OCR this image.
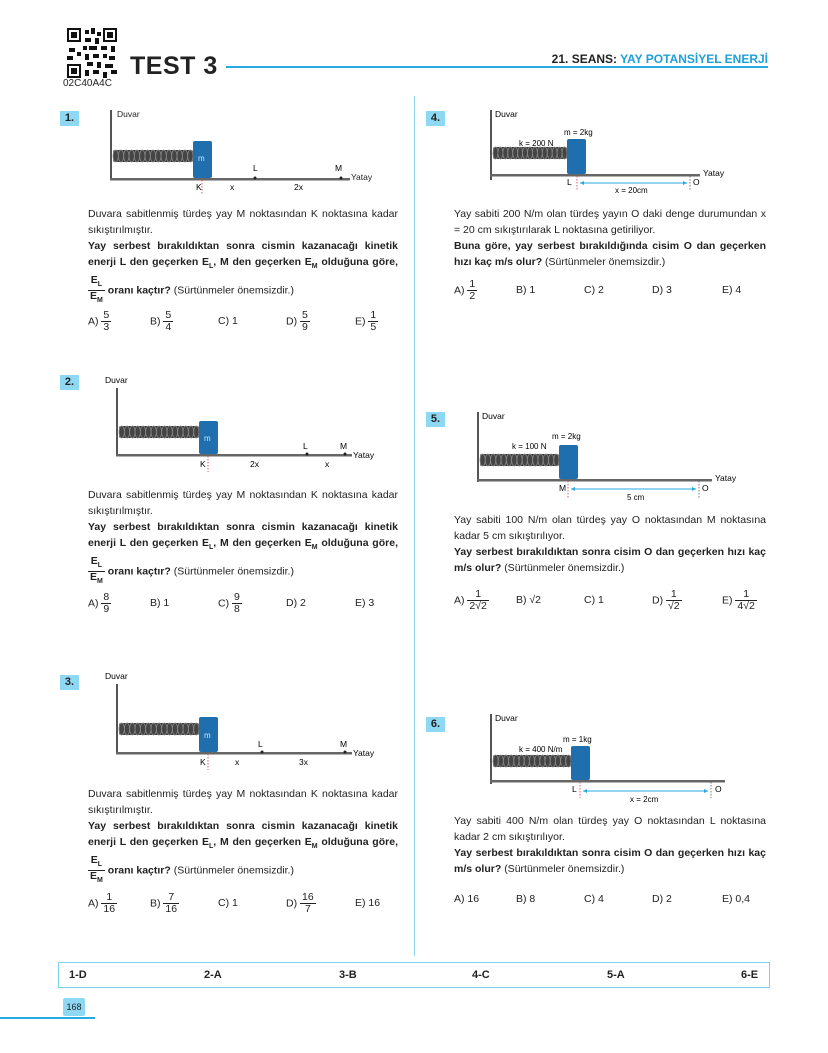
02C40A4C
TEST 3	21. SEANS: YAY POTANSİYEL ENERJİ
1.	Duvar
Yatay
m
K
L	M
x	2x
Duvara sabitlenmiş türdeş yay M noktasından K noktasına kadar sıkıştırılmıştır.
Yay serbest bırakıldıktan sonra cismin kazanacağı kinetik enerji L den geçerken $E_L$, M den geçerken $E_M$ olduğuna göre,
$\frac{E_L}{E_M}$ oranı kaçtır? (Sürtünmeler önemsizdir.)
$A) \frac{5}{3}$	$B) \frac{5}{4}$	C) 1	$D) \frac{5}{9}$	$E) \frac{1}{5}$
2.	Duvar
Yatay
m
K
L	M
2x	x
Duvara sabitlenmiş türdeş yay M noktasından K noktasına kadar sıkıştırılmıştır.
Yay serbest bırakıldıktan sonra cismin kazanacağı kinetik enerji L den geçerken $E_L$, M den geçerken $E_M$ olduğuna göre,
$\frac{E_L}{E_M}$ oranı kaçtır? (Sürtünmeler önemsizdir.)
$A) \frac{8}{9}$	B) 1	$C) \frac{9}{8}$	D) 2	E) 3
3.	Duvar
Yatay
m
K
L	M
x	3x
Duvara sabitlenmiş türdeş yay M noktasından K noktasına kadar sıkıştırılmıştır.
Yay serbest bırakıldıktan sonra cismin kazanacağı kinetik enerji L den geçerken $E_L$, M den geçerken $E_M$ olduğuna göre,
$\frac{E_L}{E_M}$ oranı kaçtır? (Sürtünmeler önemsizdir.)
$A) \frac{1}{16}$	$B) \frac{7}{16}$	C) 1	$D) \frac{16}{7}$	E) 16
4.	Duvar
Yatay
k = 200 N
m = 2kg
L	O
x = 20cm
Yay sabiti 200 N/m olan türdeş yayın O daki denge durumundan x = 20 cm sıkıştırılarak L noktasına getiriliyor.
Buna göre, yay serbest bırakıldığında cisim O dan geçerken hızı kaç m/s olur? (Sürtünmeler önemsizdir.)
$A) \frac{1}{2}$	B) 1	C) 2	D) 3	E) 4
5.	Duvar
Yatay
k = 100 N
m = 2kg
M	O
5 cm
Yay sabiti 100 N/m olan türdeş yay O noktasından M noktasına kadar 5 cm sıkıştırılıyor.
Yay serbest bırakıldıktan sonra cisim O dan geçerken hızı kaç m/s olur? (Sürtünmeler önemsizdir.)
$A) \frac{1}{2√2}$	B) √2	C) 1	$D) \frac{1}{√2}$	$E) \frac{1}{4√2}$
6.	Duvar
k = 400 N/m
m = 1kg
L	O
x = 2cm
Yay sabiti 400 N/m olan türdeş yay O noktasından L noktasına kadar 2 cm sıkıştırılıyor.
Yay serbest bırakıldıktan sonra cisim O dan geçerken hızı kaç m/s olur? (Sürtünmeler önemsizdir.)
A) 16	B) 8	C) 4	D) 2	E) 0,4
1-D	2-A	3-B	4-C	5-A	6-E
168
